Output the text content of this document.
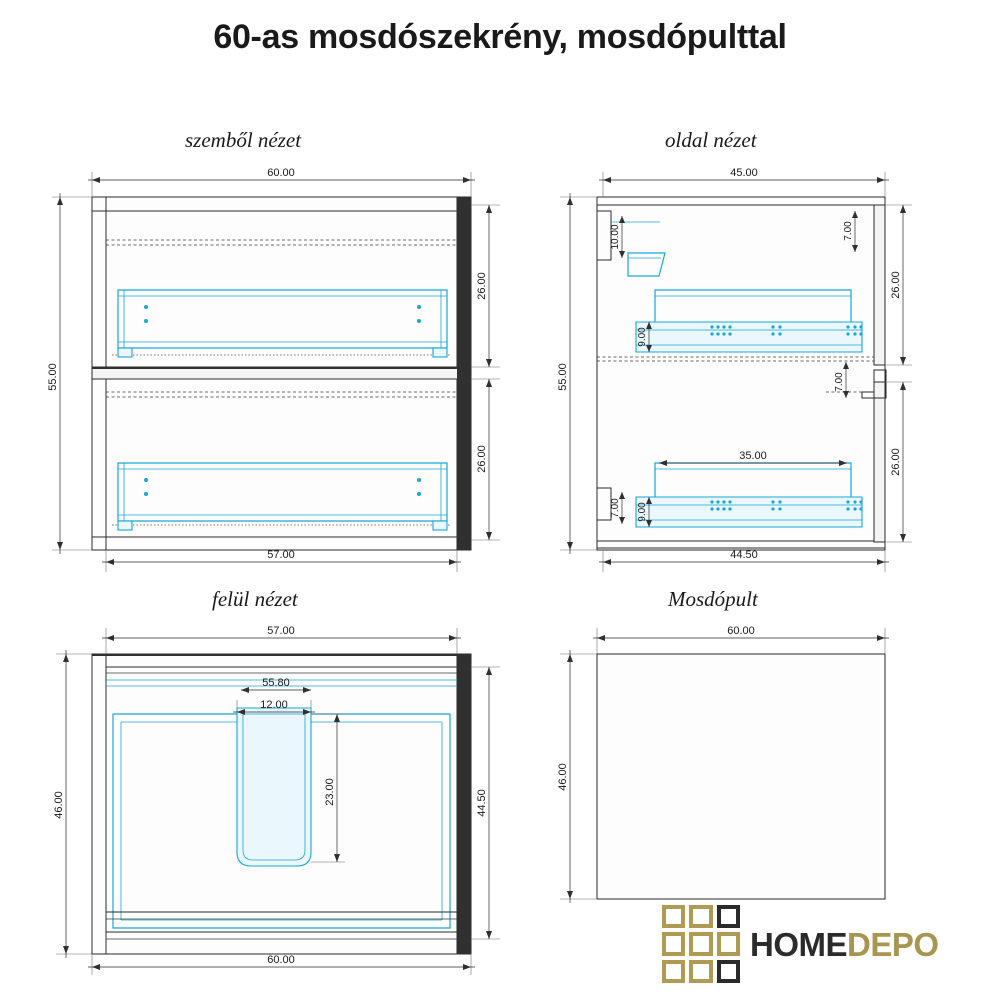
60-as mosdószekrény, mosdópulttal
szemből nézet	oldal nézet
felül nézet	Mosdópult
60.00
55.00
26.00
26.00
57.00
45.00
10.00	7.00
26.00
9.00
55.00	7.00
26.00
35.00
9.00
7.00
44.50
57.00
55.80
12.00
23.00
46.00	44.50
60.00
60.00
46.00
HOMEDEPO
